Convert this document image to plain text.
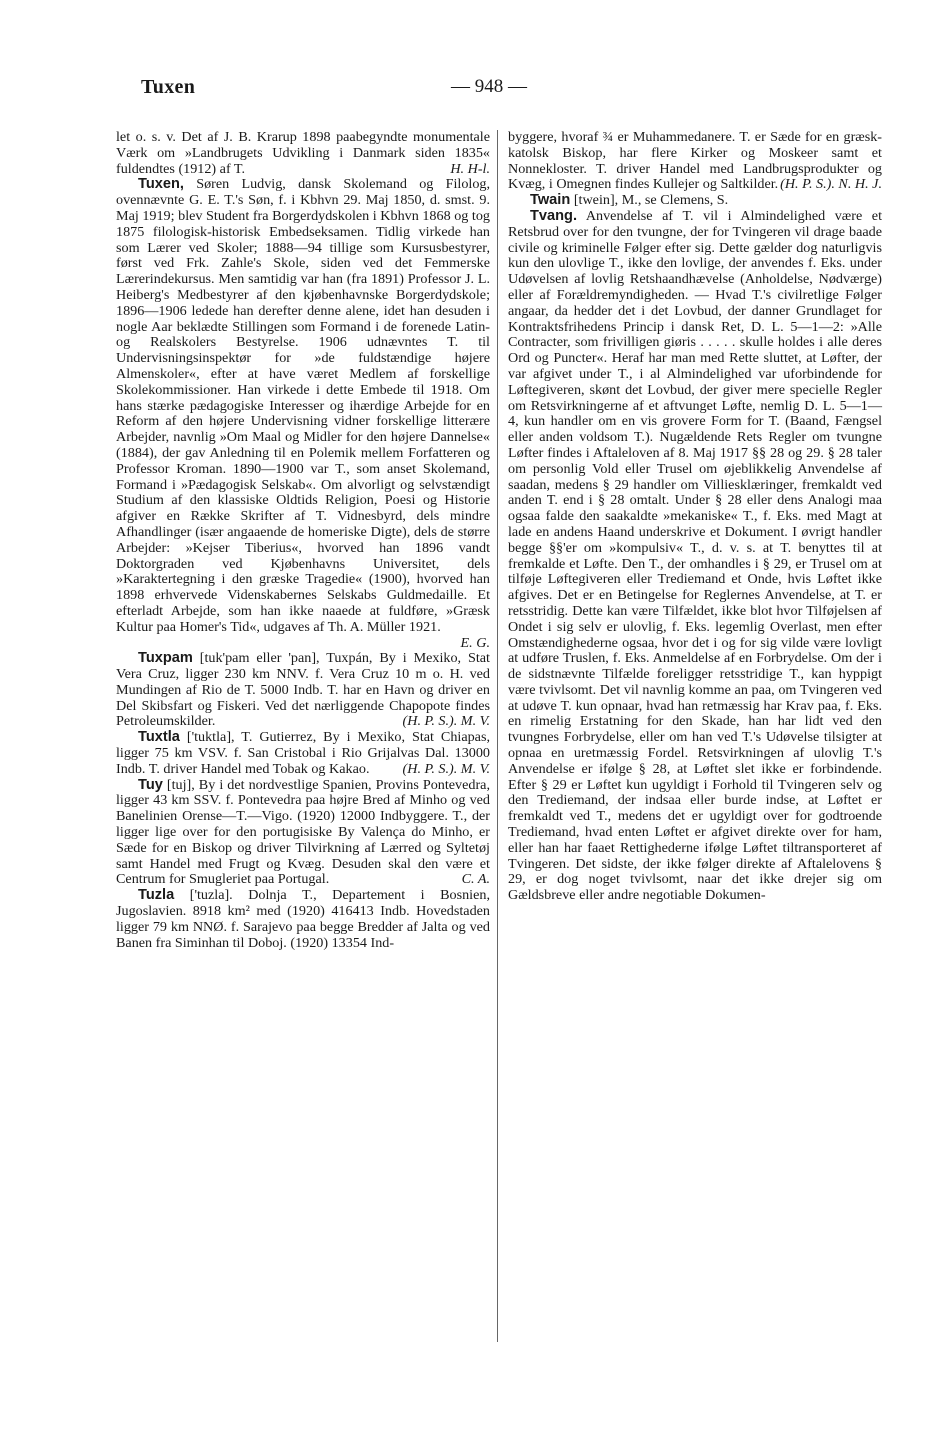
Tuxen	— 948 —

let o. s. v. Det af J. B. Krarup 1898 paabegyndte monumentale Værk om »Landbrugets Udvikling i Danmark siden 1835« fuldendtes (1912) af T.	H. H-l.

Tuxen, Søren Ludvig, dansk Skolemand og Filolog, ovennævnte G. E. T.'s Søn, f. i Kbhvn 29. Maj 1850, d. smst. 9. Maj 1919; blev Student fra Borgerdydskolen i Kbhvn 1868 og tog 1875 filologisk-historisk Embedseksamen. Tidlig virkede han som Lærer ved Skoler; 1888—94 tillige som Kursusbestyrer, først ved Frk. Zahle's Skole, siden ved det Femmerske Lærerindekursus. Men samtidig var han (fra 1891) Professor J. L. Heiberg's Medbestyrer af den kjøbenhavnske Borgerdydskole; 1896—1906 ledede han derefter denne alene, idet han desuden i nogle Aar beklædte Stillingen som Formand i de forenede Latin- og Realskolers Bestyrelse. 1906 udnævntes T. til Undervisningsinspektør for »de fuldstændige højere Almenskoler«, efter at have været Medlem af forskellige Skolekommissioner. Han virkede i dette Embede til 1918. Om hans stærke pædagogiske Interesser og ihærdige Arbejde for en Reform af den højere Undervisning vidner forskellige litterære Arbejder, navnlig »Om Maal og Midler for den højere Dannelse« (1884), der gav Anledning til en Polemik mellem Forfatteren og Professor Kroman. 1890—1900 var T., som anset Skolemand, Formand i »Pædagogisk Selskab«. Om alvorligt og selvstændigt Studium af den klassiske Oldtids Religion, Poesi og Historie afgiver en Række Skrifter af T. Vidnesbyrd, dels mindre Afhandlinger (især angaaende de homeriske Digte), dels de større Arbejder: »Kejser Tiberius«, hvorved han 1896 vandt Doktorgraden ved Kjøbenhavns Universitet, dels »Karaktertegning i den græske Tragedie« (1900), hvorved han 1898 erhvervede Videnskabernes Selskabs Guldmedaille. Et efterladt Arbejde, som han ikke naaede at fuldføre, »Græsk Kultur paa Homer's Tid«, udgaves af Th. A. Müller 1921.
E. G.

Tuxpam [tuk'pam eller 'pan], Tuxpán, By i Mexiko, Stat Vera Cruz, ligger 230 km NNV. f. Vera Cruz 10 m o. H. ved Mundingen af Rio de T. 5000 Indb. T. har en Havn og driver en Del Skibsfart og Fiskeri. Ved det nærliggende Chapopote findes Petroleumskilder.	(H. P. S.). M. V.

Tuxtla ['tuktla], T. Gutierrez, By i Mexiko, Stat Chiapas, ligger 75 km VSV. f. San Cristobal i Rio Grijalvas Dal. 13000 Indb. T. driver Handel med Tobak og Kakao.	(H. P. S.). M. V.

Tuy [tuj], By i det nordvestlige Spanien, Provins Pontevedra, ligger 43 km SSV. f. Pontevedra paa højre Bred af Minho og ved Banelinien Orense—T.—Vigo. (1920) 12000 Indbyggere. T., der ligger lige over for den portugisiske By Valença do Minho, er Sæde for en Biskop og driver Tilvirkning af Lærred og Syltetøj samt Handel med Frugt og Kvæg. Desuden skal den være et Centrum for Smugleriet paa Portugal.	C. A.

Tuzla ['tuzla]. Dolnja T., Departement i Bosnien, Jugoslavien. 8918 km² med (1920) 416413 Indb. Hovedstaden ligger 79 km NNØ. f. Sarajevo paa begge Bredder af Jalta og ved Banen fra Siminhan til Doboj. (1920) 13354 Ind-

byggere, hvoraf ¾ er Muhammedanere. T. er Sæde for en græsk-katolsk Biskop, har flere Kirker og Moskeer samt et Nonnekloster. T. driver Handel med Landbrugsprodukter og Kvæg, i Omegnen findes Kullejer og Saltkilder. (H. P. S.). N. H. J.

Twain [twein], M., se Clemens, S.

Tvang. Anvendelse af T. vil i Almindelighed være et Retsbrud over for den tvungne, der for Tvingeren vil drage baade civile og kriminelle Følger efter sig. Dette gælder dog naturligvis kun den ulovlige T., ikke den lovlige, der anvendes f. Eks. under Udøvelsen af lovlig Retshaandhævelse (Anholdelse, Nødværge) eller af Forældremyndigheden. — Hvad T.'s civilretlige Følger angaar, da hedder det i det Lovbud, der danner Grundlaget for Kontraktsfrihedens Princip i dansk Ret, D. L. 5—1—2: »Alle Contracter, som frivilligen giøris . . . . . skulle holdes i alle deres Ord og Puncter«. Heraf har man med Rette sluttet, at Løfter, der var afgivet under T., i al Almindelighed var uforbindende for Løftegiveren, skønt det Lovbud, der giver mere specielle Regler om Retsvirkningerne af et aftvunget Løfte, nemlig D. L. 5—1—4, kun handler om en vis grovere Form for T. (Baand, Fængsel eller anden voldsom T.). Nugældende Rets Regler om tvungne Løfter findes i Aftaleloven af 8. Maj 1917 §§ 28 og 29. § 28 taler om personlig Vold eller Trusel om øjeblikkelig Anvendelse af saadan, medens § 29 handler om Villiesklæringer, fremkaldt ved anden T. end i § 28 omtalt. Under § 28 eller dens Analogi maa ogsaa falde den saakaldte »mekaniske« T., f. Eks. med Magt at lade en andens Haand underskrive et Dokument. I øvrigt handler begge §§'er om »kompulsiv« T., d. v. s. at T. benyttes til at fremkalde et Løfte. Den T., der omhandles i § 29, er Trusel om at tilføje Løftegiveren eller Trediemand et Onde, hvis Løftet ikke afgives. Det er en Betingelse for Reglernes Anvendelse, at T. er retsstridig. Dette kan være Tilfældet, ikke blot hvor Tilføjelsen af Ondet i sig selv er ulovlig, f. Eks. legemlig Overlast, men efter Omstændighederne ogsaa, hvor det i og for sig vilde være lovligt at udføre Truslen, f. Eks. Anmeldelse af en Forbrydelse. Om der i de sidstnævnte Tilfælde foreligger retsstridige T., kan hyppigt være tvivlsomt. Det vil navnlig komme an paa, om Tvingeren ved at udøve T. kun opnaar, hvad han retmæssig har Krav paa, f. Eks. en rimelig Erstatning for den Skade, han har lidt ved den tvungnes Forbrydelse, eller om han ved T.'s Udøvelse tilsigter at opnaa en uretmæssig Fordel. Retsvirkningen af ulovlig T.'s Anvendelse er ifølge § 28, at Løftet slet ikke er forbindende. Efter § 29 er Løftet kun ugyldigt i Forhold til Tvingeren selv og den Trediemand, der indsaa eller burde indse, at Løftet er fremkaldt ved T., medens det er ugyldigt over for godtroende Trediemand, hvad enten Løftet er afgivet direkte over for ham, eller han har faaet Rettighederne ifølge Løftet tiltransporteret af Tvingeren. Det sidste, der ikke følger direkte af Aftalelovens § 29, er dog noget tvivlsomt, naar det ikke drejer sig om Gældsbreve eller andre negotiable Dokumen-
